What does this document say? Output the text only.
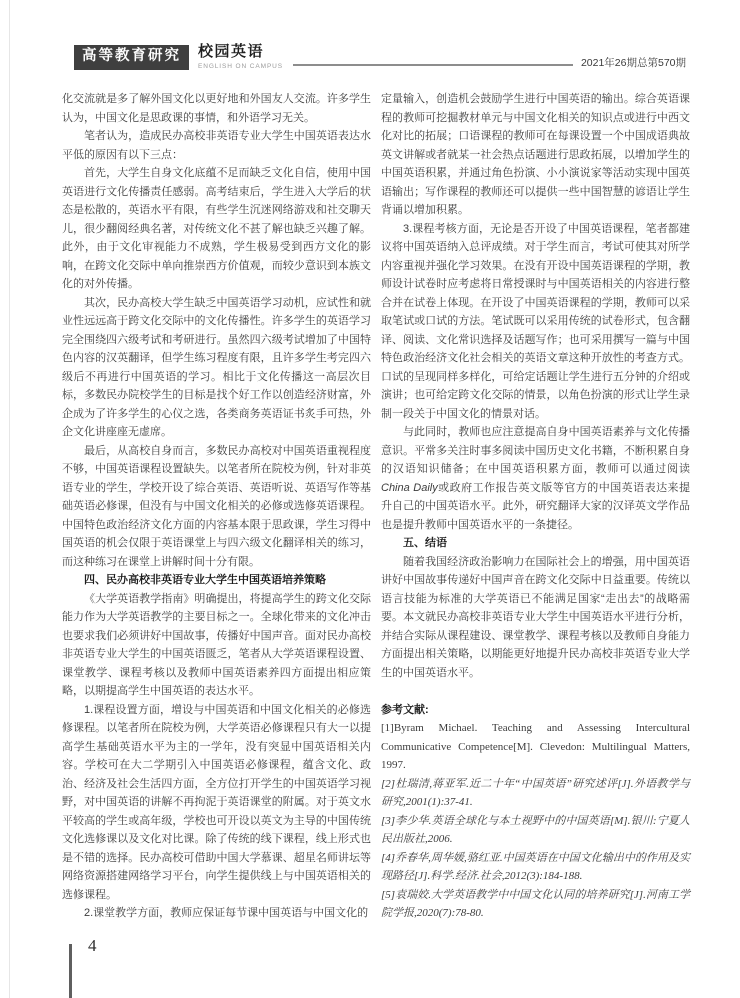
高等教育研究	校园英语
ENGLISH ON CAMPUS	2021年26期总第570期

化交流就是多了解外国文化以更好地和外国友人交流。许多学生认为，中国文化是思政课的事情，和外语学习无关。

笔者认为，造成民办高校非英语专业大学生中国英语表达水平低的原因有以下三点：

首先，大学生自身文化底蕴不足而缺乏文化自信，使用中国英语进行文化传播责任感弱。高考结束后，学生进入大学后的状态是松散的，英语水平有限，有些学生沉迷网络游戏和社交聊天儿，很少翻阅经典名著，对传统文化不甚了解也缺乏兴趣了解。此外，由于文化审视能力不成熟，学生极易受到西方文化的影响，在跨文化交际中单向推崇西方价值观，而较少意识到本族文化的对外传播。

其次，民办高校大学生缺乏中国英语学习动机，应试性和就业性远远高于跨文化交际中的文化传播性。许多学生的英语学习完全围绕四六级考试和考研进行。虽然四六级考试增加了中国特色内容的汉英翻译，但学生练习程度有限，且许多学生考完四六级后不再进行中国英语的学习。相比于文化传播这一高层次目标，多数民办院校学生的目标是找个好工作以创造经济财富，外企成为了许多学生的心仪之选，各类商务英语证书炙手可热，外企文化讲座座无虚席。

最后，从高校自身而言，多数民办高校对中国英语重视程度不够，中国英语课程设置缺失。以笔者所在院校为例，针对非英语专业的学生，学校开设了综合英语、英语听说、英语写作等基础英语必修课，但没有与中国文化相关的必修或选修英语课程。中国特色政治经济文化方面的内容基本限于思政课，学生习得中国英语的机会仅限于英语课堂上与四六级文化翻译相关的练习，而这种练习在课堂上讲解时间十分有限。

四、民办高校非英语专业大学生中国英语培养策略

《大学英语教学指南》明确提出，将提高学生的跨文化交际能力作为大学英语教学的主要目标之一。全球化带来的文化冲击也要求我们必须讲好中国故事，传播好中国声音。面对民办高校非英语专业大学生的中国英语匮乏，笔者从大学英语课程设置、课堂教学、课程考核以及教师中国英语素养四方面提出相应策略，以期提高学生中国英语的表达水平。

1.课程设置方面，增设与中国英语和中国文化相关的必修选修课程。以笔者所在院校为例，大学英语必修课程只有大一以提高学生基础英语水平为主的一学年，没有突显中国英语相关内容。学校可在大二学期引入中国英语必修课程，蕴含文化、政治、经济及社会生活四方面，全方位打开学生的中国英语学习视野，对中国英语的讲解不再拘泥于英语课堂的附属。对于英文水平较高的学生或高年级，学校也可开设以英文为主导的中国传统文化选修课以及文化对比课。除了传统的线下课程，线上形式也是不错的选择。民办高校可借助中国大学慕课、超星名师讲坛等网络资源搭建网络学习平台，向学生提供线上与中国英语相关的选修课程。

2.课堂教学方面，教师应保证每节课中国英语与中国文化的

定量输入，创造机会鼓励学生进行中国英语的输出。综合英语课程的教师可挖掘教材单元与中国文化相关的知识点或进行中西文化对比的拓展；口语课程的教师可在每课设置一个中国成语典故英文讲解或者就某一社会热点话题进行思政拓展，以增加学生的中国英语积累，并通过角色扮演、小小演说家等活动实现中国英语输出；写作课程的教师还可以提供一些中国智慧的谚语让学生背诵以增加积累。

3.课程考核方面，无论是否开设了中国英语课程，笔者都建议将中国英语纳入总评成绩。对于学生而言，考试可使其对所学内容重视并强化学习效果。在没有开设中国英语课程的学期，教师设计试卷时应考虑将日常授课时与中国英语相关的内容进行整合并在试卷上体现。在开设了中国英语课程的学期，教师可以采取笔试或口试的方法。笔试既可以采用传统的试卷形式，包含翻译、阅读、文化常识选择及话题写作；也可采用撰写一篇与中国特色政治经济文化社会相关的英语文章这种开放性的考查方式。口试的呈现同样多样化，可给定话题让学生进行五分钟的介绍或演讲；也可给定跨文化交际的情景，以角色扮演的形式让学生录制一段关于中国文化的情景对话。

与此同时，教师也应注意提高自身中国英语素养与文化传播意识。平常多关注时事多阅读中国历史文化书籍，不断积累自身的汉语知识储备；在中国英语积累方面，教师可以通过阅读China Daily或政府工作报告英文版等官方的中国英语表达来提升自己的中国英语水平。此外，研究翻译大家的汉译英文学作品也是提升教师中国英语水平的一条捷径。

五、结语

随着我国经济政治影响力在国际社会上的增强，用中国英语讲好中国故事传递好中国声音在跨文化交际中日益重要。传统以语言技能为标准的大学英语已不能满足国家“走出去”的战略需要。本文就民办高校非英语专业大学生中国英语水平进行分析，并结合实际从课程建设、课堂教学、课程考核以及教师自身能力方面提出相关策略，以期能更好地提升民办高校非英语专业大学生的中国英语水平。

参考文献:

[1]Byram Michael. Teaching and Assessing Intercultural Communicative Competence[M]. Clevedon: Multilingual Matters, 1997.

[2]杜瑞清,蒋亚军.近二十年“中国英语”研究述评[J].外语教学与研究,2001(1):37-41.

[3]李少华.英语全球化与本土视野中的中国英语[M].银川:宁夏人民出版社,2006.

[4]乔春华,周华媛,骆红亚.中国英语在中国文化输出中的作用及实现路径[J].科学.经济.社会,2012(3):184-188.

[5]袁瑞姣.大学英语教学中中国文化认同的培养研究[J].河南工学院学报,2020(7):78-80.

4
